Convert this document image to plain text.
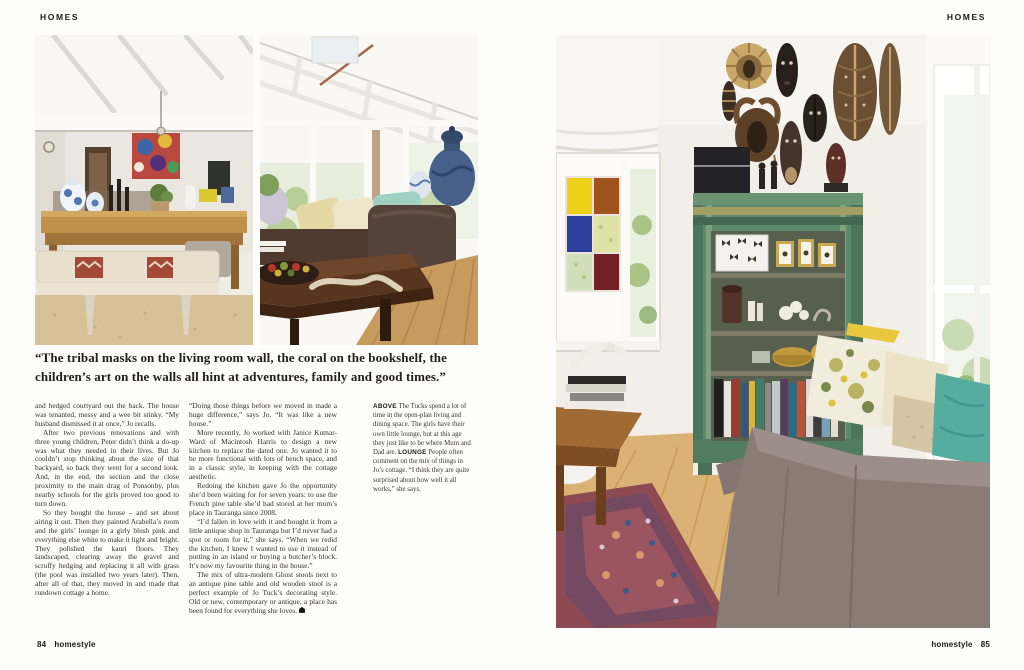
HOMES	HOMES
“The tribal masks on the living room wall, the coral on the bookshelf, the children’s art on the walls all hint at adventures, family and good times.”

and hedged courtyard out the back. The house was tenanted, messy and a wee bit stinky. “My husband dismissed it at once,” Jo recalls.

After two previous renovations and with three young children, Peter didn’t think a do-up was what they needed in their lives. But Jo couldn’t stop thinking about the size of that backyard, so back they went for a second look. And, in the end, the section and the close proximity to the main drag of Ponsonby, plus nearby schools for the girls proved too good to turn down.

So they bought the house – and set about airing it out. Then they painted Arabella’s room and the girls’ lounge in a girly blush pink and everything else white to make it light and bright. They polished the kauri floors. They landscaped, clearing away the gravel and scruffy hedging and replacing it all with grass (the pool was installed two years later). Then, after all of that, they moved in and made that rundown cottage a home.

“Doing those things before we moved in made a huge difference,” says Jo. “It was like a new house.”

More recently, Jo worked with Janice Kumar-Ward of Macintosh Harris to design a new kitchen to replace the dated one. Jo wanted it to be more functional with lots of bench space, and in a classic style, in keeping with the cottage aesthetic.

Redoing the kitchen gave Jo the opportunity she’d been waiting for for seven years: to use the French pine table she’d had stored at her mum’s place in Tauranga since 2008.

“I’d fallen in love with it and bought it from a little antique shop in Tauranga but I’d never had a spot or room for it,” she says. “When we redid the kitchen, I knew I wanted to use it instead of putting in an island or buying a butcher’s block. It’s now my favourite thing in the house.”

The mix of ultra-modern Ghost stools next to an antique pine table and old wooden stool is a perfect example of Jo Tuck’s decorating style. Old or new, contemporary or antique, a place has been found for everything she loves.

ABOVE The Tucks spend a lot of time in the open-plan living and dining space. The girls have their own little lounge, but at this age they just like to be where Mum and Dad are. LOUNGE People often comment on the mix of things in Jo’s cottage. “I think they are quite surprised about how well it all works,” she says.

84 homestyle	homestyle 85
